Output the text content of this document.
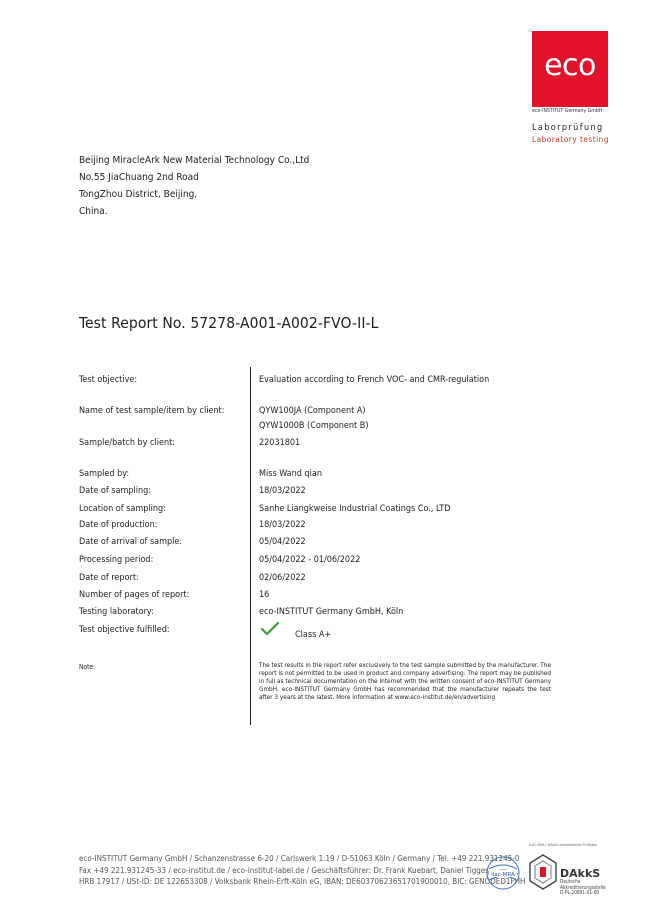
eco
eco-INSTITUT Germany GmbH
Laborprüfung
Laboratory testing
Beijing MiracleArk New Material Technology Co.,Ltd
No.55 JiaChuang 2nd Road
TongZhou District, Beijing,
China.
Test Report No. 57278-A001-A002-FVO-II-L
Test objective:	Evaluation according to French VOC- and CMR-regulation
Name of test sample/item by client:	QYW100JA (Component A)
QYW1000B (Component B)
Sample/batch by client:	22031801
Sampled by:	Miss Wand qian
Date of sampling:	18/03/2022
Location of sampling:	Sanhe Liangkweise Industrial Coatings Co., LTD
Date of production:	18/03/2022
Date of arrival of sample:	05/04/2022
Processing period:	05/04/2022 - 01/06/2022
Date of report:	02/06/2022
Number of pages of report:	16
Testing laboratory:	eco-INSTITUT Germany GmbH, Köln
Test objective fulfilled:	Class A+
Note:	The test results in the report refer exclusively to the test sample submitted by the manufacturer. The report is not permitted to be used in product and company advertising. The report may be published in full as technical documentation on the Internet with the written consent of eco-INSTITUT Germany GmbH. eco-INSTITUT Germany GmbH has recommended that the manufacturer repeats the test after 3 years at the latest. More information at www.eco-institut.de/en/advertising
eco-INSTITUT Germany GmbH / Schanzenstrasse 6-20 / Carlswerk 1.19 / D-51063 Köln / Germany / Tel. +49 221.931245-0
Fax +49 221.931245-33 / eco-institut.de / eco-institut-label.de / Geschäftsführer: Dr. Frank Kuebart, Daniel Tigges
HRB 17917 / USt-ID: DE 122653308 / Volksbank Rhein-Erft-Köln eG, IBAN: DE60370623651701900010, BIC: GENODED1FHH
ilac-MRA
ILAC-MRA / DAkkS akkreditiertes Prüflabor
DAkkS
Deutsche
Akkreditierungsstelle
D-PL-20891-01-00
